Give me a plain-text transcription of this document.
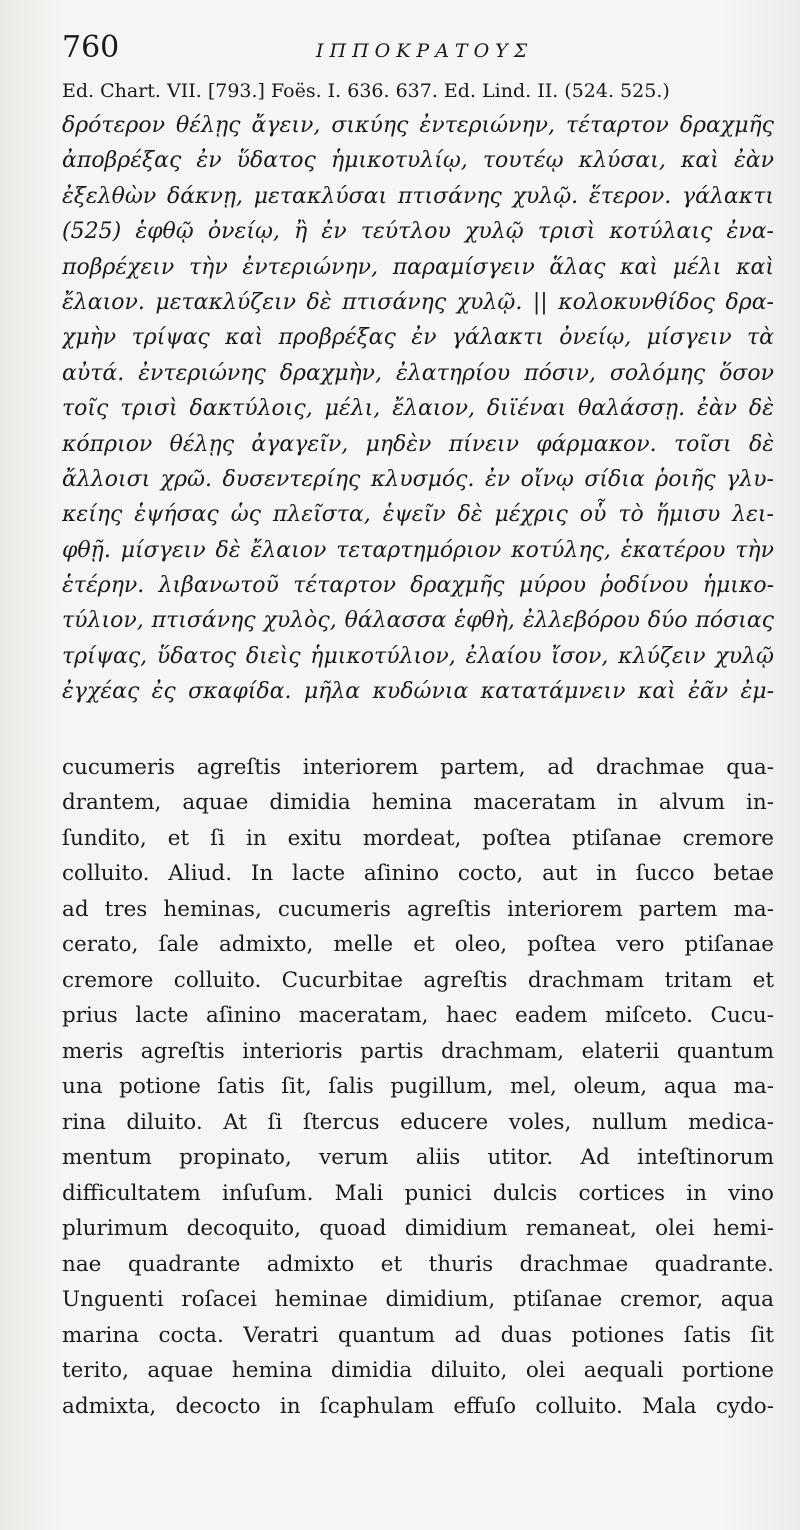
760	ΙΠΠΟΚΡΑΤΟΥΣ
Ed. Chart. VII. [793.] Foës. I. 636. 637. Ed. Lind. II. (524. 525.)
δρότερον θέλῃς ἄγειν, σικύης ἐντεριώνην, τέταρτον δραχμῆς
ἀποβρέξας ἐν ὕδατος ἡμικοτυλίῳ, τουτέῳ κλύσαι, καὶ ἐὰν
ἐξελθὼν δάκνῃ, μετακλύσαι πτισάνης χυλῷ. ἕτερον. γάλακτι
(525) ἑφθῷ ὀνείῳ, ἢ ἐν τεύτλου χυλῷ τρισὶ κοτύλαις ἐνα-
ποβρέχειν τὴν ἐντεριώνην, παραμίσγειν ἅλας καὶ μέλι καὶ
ἔλαιον. μετακλύζειν δὲ πτισάνης χυλῷ. || κολοκυνθίδος δρα-
χμὴν τρίψας καὶ προβρέξας ἐν γάλακτι ὀνείῳ, μίσγειν τὰ
αὐτά. ἐντεριώνης δραχμὴν, ἐλατηρίου πόσιν, σολόμης ὅσον
τοῖς τρισὶ δακτύλοις, μέλι, ἔλαιον, διϊέναι θαλάσσῃ. ἐὰν δὲ
κόπριον θέλῃς ἀγαγεῖν, μηδὲν πίνειν φάρμακον. τοῖσι δὲ
ἄλλοισι χρῶ. δυσεντερίης κλυσμός. ἐν οἴνῳ σίδια ῥοιῆς γλυ-
κείης ἑψήσας ὡς πλεῖστα, ἑψεῖν δὲ μέχρις οὗ τὸ ἥμισυ λει-
φθῇ. μίσγειν δὲ ἔλαιον τεταρτημόριον κοτύλης, ἑκατέρου τὴν
ἑτέρην. λιβανωτοῦ τέταρτον δραχμῆς μύρου ῥοδίνου ἡμικο-
τύλιον, πτισάνης χυλὸς, θάλασσα ἑφθὴ, ἐλλεβόρου δύο πόσιας
τρίψας, ὕδατος διεὶς ἡμικοτύλιον, ἐλαίου ἴσον, κλύζειν χυλῷ
ἐγχέας ἐς σκαφίδα. μῆλα κυδώνια κατατάμνειν καὶ ἐᾶν ἐμ-
cucumeris agreſtis interiorem partem, ad drachmae qua-
drantem, aquae dimidia hemina maceratam in alvum in-
ſundito, et ſi in exitu mordeat, poſtea ptiſanae cremore
colluito. Aliud. In lacte aſinino cocto, aut in ſucco betae
ad tres heminas, cucumeris agreſtis interiorem partem ma-
cerato, ſale admixto, melle et oleo, poſtea vero ptiſanae
cremore colluito. Cucurbitae agreſtis drachmam tritam et
prius lacte aſinino maceratam, haec eadem miſceto. Cucu-
meris agreſtis interioris partis drachmam, elaterii quantum
una potione ſatis ſit, ſalis pugillum, mel, oleum, aqua ma-
rina diluito. At ſi ſtercus educere voles, nullum medica-
mentum propinato, verum aliis utitor. Ad inteſtinorum
difficultatem inſuſum. Mali punici dulcis cortices in vino
plurimum decoquito, quoad dimidium remaneat, olei hemi-
nae quadrante admixto et thuris drachmae quadrante.
Unguenti roſacei heminae dimidium, ptiſanae cremor, aqua
marina cocta. Veratri quantum ad duas potiones ſatis ſit
terito, aquae hemina dimidia diluito, olei aequali portione
admixta, decocto in ſcaphulam effuſo colluito. Mala cydo-
